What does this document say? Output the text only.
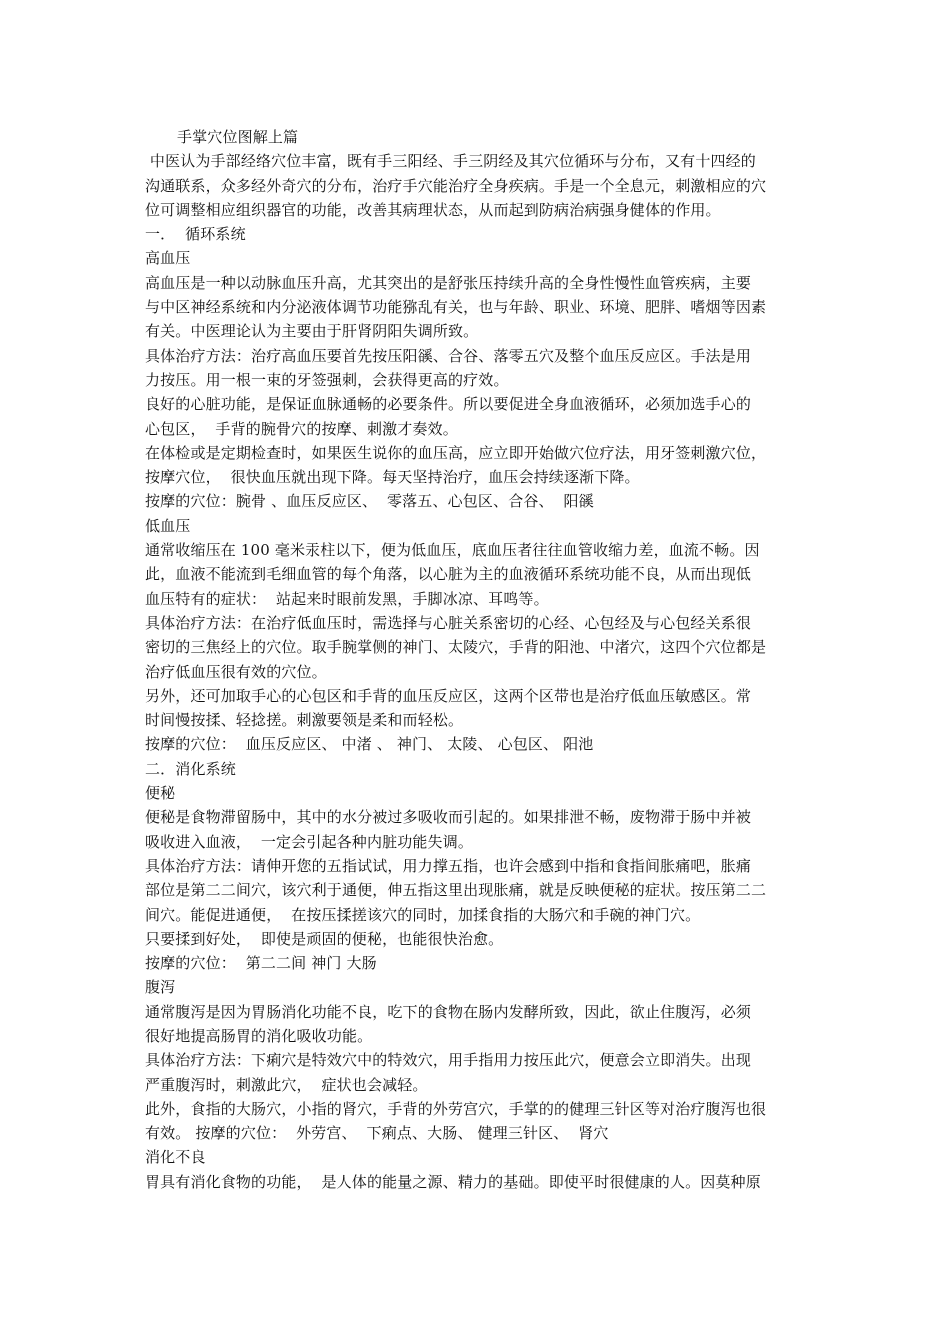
手掌穴位图解上篇
中医认为手部经络穴位丰富，既有手三阳经、手三阴经及其穴位循环与分布，又有十四经的
沟通联系，众多经外奇穴的分布，治疗手穴能治疗全身疾病。手是一个全息元，刺激相应的穴
位可调整相应组织器官的功能，改善其病理状态，从而起到防病治病强身健体的作用。
一．  循环系统
高血压
高血压是一种以动脉血压升高，尤其突出的是舒张压持续升高的全身性慢性血管疾病，主要
与中区神经系统和内分泌液体调节功能猕乱有关，也与年龄、职业、环境、肥胖、嗜烟等因素
有关。中医理论认为主要由于肝肾阴阳失调所致。
具体治疗方法：治疗高血压要首先按压阳豀、合谷、落零五穴及整个血压反应区。手法是用
力按压。用一根一束的牙签强刺，会获得更高的疗效。
良好的心脏功能，是保证血脉通畅的必要条件。所以要促进全身血液循环，必须加选手心的
心包区，  手背的腕骨穴的按摩、刺激才奏效。
在体检或是定期检查时，如果医生说你的血压高，应立即开始做穴位疗法，用牙签刺激穴位，
按摩穴位，  很快血压就出现下降。每天坚持治疗，血压会持续逐渐下降。
按摩的穴位：腕骨 、血压反应区、  零落五、心包区、合谷、  阳豀
低血压
通常收缩压在 100 毫米汞柱以下，便为低血压，底血压者往往血管收缩力差，血流不畅。因
此，血液不能流到毛细血管的每个角落，以心脏为主的血液循环系统功能不良，从而出现低
血压特有的症状：  站起来时眼前发黑，手脚冰凉、耳鸣等。
具体治疗方法：在治疗低血压时，需选择与心脏关系密切的心经、心包经及与心包经关系很
密切的三焦经上的穴位。取手腕掌侧的神门、太陵穴，手背的阳池、中渚穴，这四个穴位都是
治疗低血压很有效的穴位。
另外，还可加取手心的心包区和手背的血压反应区，这两个区带也是治疗低血压敏感区。常
时间慢按揉、轻捻搓。刺激要领是柔和而轻松。
按摩的穴位：  血压反应区、 中渚 、 神门、 太陵、 心包区、 阳池
二．消化系统
便秘
便秘是食物滞留肠中，其中的水分被过多吸收而引起的。如果排泄不畅，废物滞于肠中并被
吸收进入血液，  一定会引起各种内脏功能失调。
具体治疗方法：请伸开您的五指试试，用力撑五指，也许会感到中指和食指间胀痛吧，胀痛
部位是第二二间穴，该穴利于通便，伸五指这里出现胀痛，就是反映便秘的症状。按压第二二
间穴。能促进通便，  在按压揉搓该穴的同时，加揉食指的大肠穴和手碗的神门穴。
只要揉到好处，  即使是顽固的便秘，也能很快治愈。
按摩的穴位：  第二二间 神门 大肠
腹泻
通常腹泻是因为胃肠消化功能不良，吃下的食物在肠内发酵所致，因此，欲止住腹泻，必须
很好地提高肠胃的消化吸收功能。
具体治疗方法：下痢穴是特效穴中的特效穴，用手指用力按压此穴，便意会立即消失。出现
严重腹泻时，刺激此穴，  症状也会减轻。
此外，食指的大肠穴，小指的肾穴，手背的外劳宫穴，手掌的的健理三针区等对治疗腹泻也很
有效。 按摩的穴位：  外劳宫、  下痢点、大肠、 健理三针区、  肾穴
消化不良
胃具有消化食物的功能，  是人体的能量之源、精力的基础。即使平时很健康的人。因莫种原
